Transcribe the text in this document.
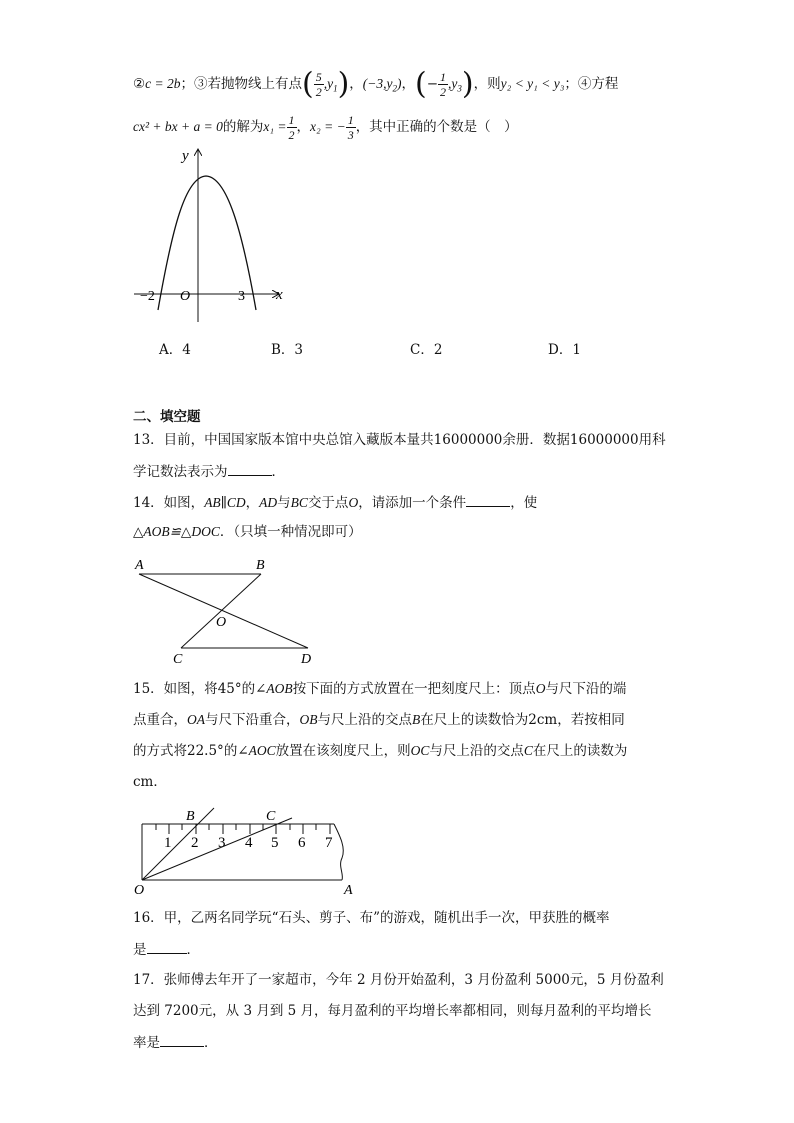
②c = 2b；③若抛物线上有点( $\frac{5}{2} ,y_1$)，$(-3,y_2)$，(− $\frac{1}{2} ,y_3$)，则y₂ < y₁ < y₃；④方程
cx² + bx + a = 0的解为$x_1 = \frac{1}{2}$ ，x₂ = − $\frac{1}{3}$ ，其中正确的个数是（　）
y
x
O
−2	3
A．4	B．3	C．2	D．1
二、填空题
13．目前，中国国家版本馆中央总馆入藏版本量共16000000余册．数据16000000用科
学记数法表示为	．
14．如图，AB∥CD，AD与BC交于点O，请添加一个条件	，使
△AOB≌△DOC．（只填一种情况即可）
A	B
O
C	D
15．如图，将45°的∠AOB按下面的方式放置在一把刻度尺上：顶点O与尺下沿的端
点重合，OA与尺下沿重合，OB与尺上沿的交点B在尺上的读数恰为2cm，若按相同
的方式将22.5°的∠AOC放置在该刻度尺上，则OC与尺上沿的交点C在尺上的读数为
cm．
1 2 3 4 5 6 7
B	C
O	A
16．甲，乙两名同学玩“石头、剪子、布”的游戏，随机出手一次，甲获胜的概率
是	．
17．张师傅去年开了一家超市，今年 2 月份开始盈利，3 月份盈利 5000元，5 月份盈利
达到 7200元，从 3 月到 5 月，每月盈利的平均增长率都相同，则每月盈利的平均增长
率是	．
